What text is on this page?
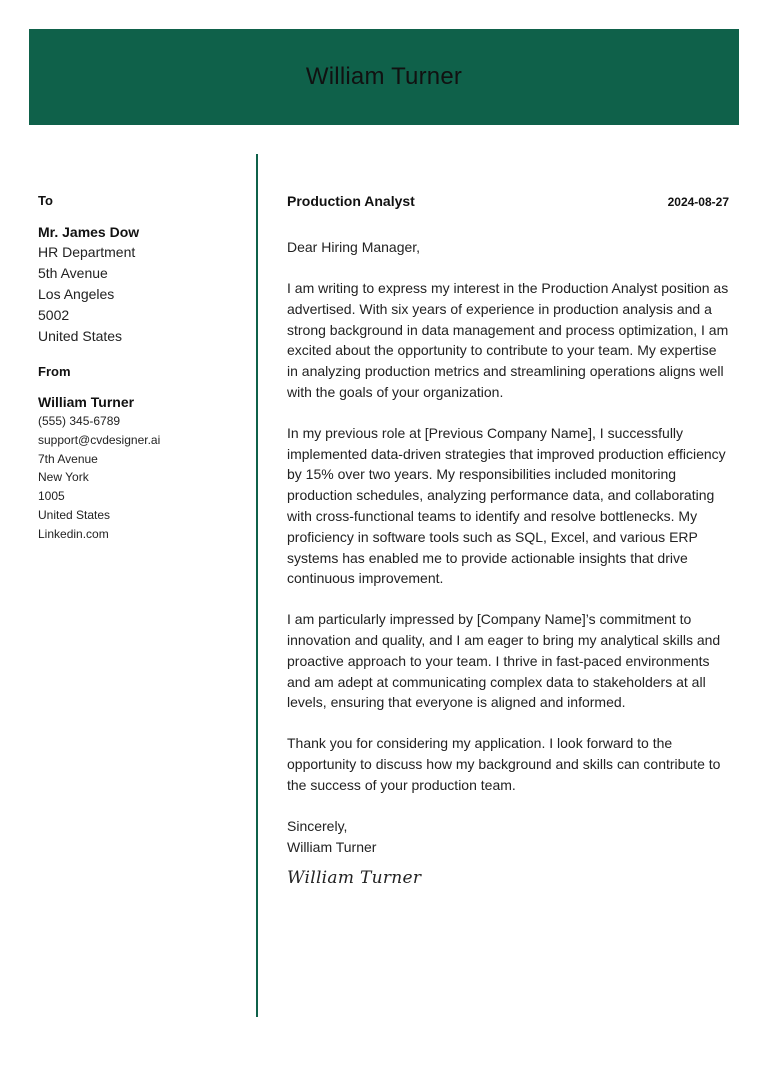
William Turner
To
Mr. James Dow
HR Department
5th Avenue
Los Angeles
5002
United States
From
William Turner
(555) 345-6789
support@cvdesigner.ai
7th Avenue
New York
1005
United States
Linkedin.com
Production Analyst	2024-08-27
Dear Hiring Manager,
I am writing to express my interest in the Production Analyst position as advertised. With six years of experience in production analysis and a strong background in data management and process optimization, I am excited about the opportunity to contribute to your team. My expertise in analyzing production metrics and streamlining operations aligns well with the goals of your organization.
In my previous role at [Previous Company Name], I successfully implemented data-driven strategies that improved production efficiency by 15% over two years. My responsibilities included monitoring production schedules, analyzing performance data, and collaborating with cross-functional teams to identify and resolve bottlenecks. My proficiency in software tools such as SQL, Excel, and various ERP systems has enabled me to provide actionable insights that drive continuous improvement.
I am particularly impressed by [Company Name]’s commitment to innovation and quality, and I am eager to bring my analytical skills and proactive approach to your team. I thrive in fast-paced environments and am adept at communicating complex data to stakeholders at all levels, ensuring that everyone is aligned and informed.
Thank you for considering my application. I look forward to the opportunity to discuss how my background and skills can contribute to the success of your production team.
Sincerely,
William Turner
William Turner
